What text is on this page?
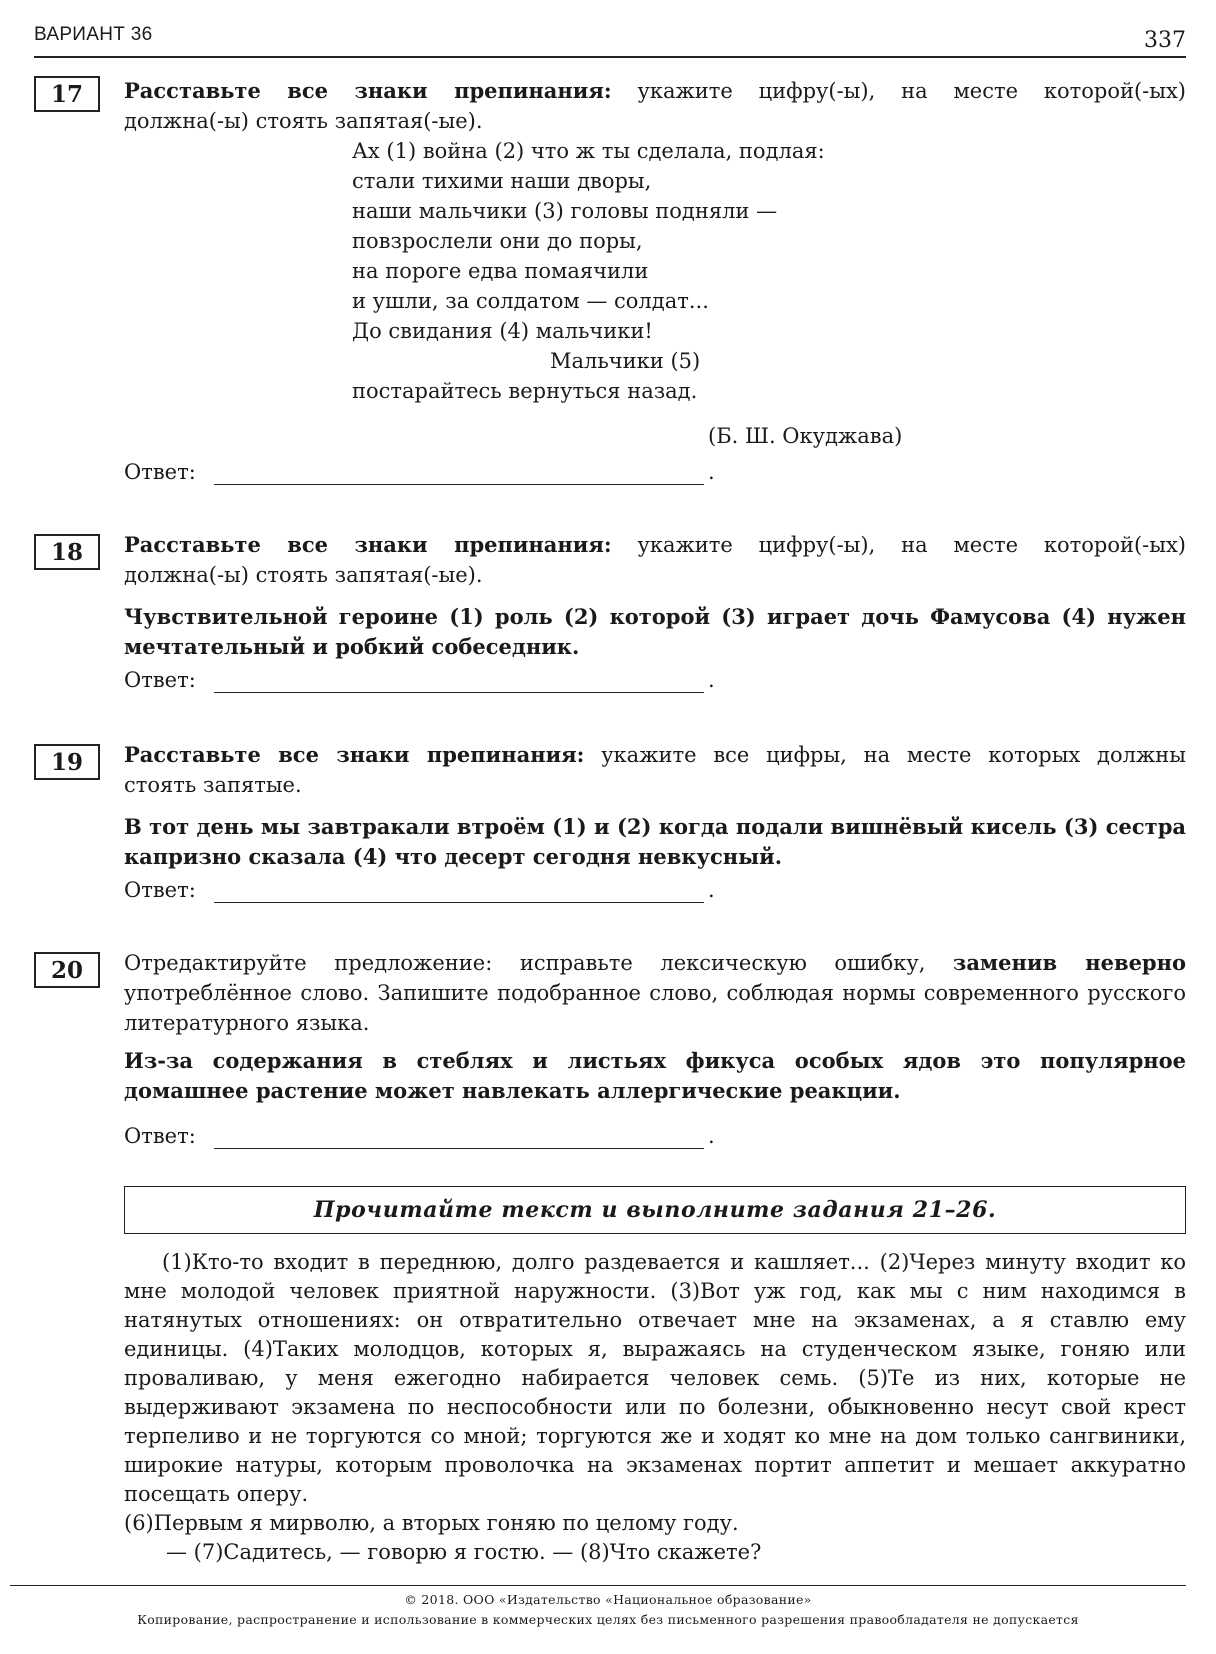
ВАРИАНТ 36	337
17	Расставьте все знаки препинания: укажите цифру(-ы), на месте которой(-ых)
должна(-ы) стоять запятая(-ые).
Ах (1) война (2) что ж ты сделала, подлая:
стали тихими наши дворы,
наши мальчики (3) головы подняли —
повзрослели они до поры,
на пороге едва помаячили
и ушли, за солдатом — солдат...
До свидания (4) мальчики!
Мальчики (5)
постарайтесь вернуться назад.
(Б. Ш. Окуджава)
Ответ:	.
18	Расставьте все знаки препинания: укажите цифру(-ы), на месте которой(-ых)
должна(-ы) стоять запятая(-ые).
Чувствительной героине (1) роль (2) которой (3) играет дочь Фамусова (4) нужен мечтательный и робкий собеседник.
Ответ:	.
19	Расставьте все знаки препинания: укажите все цифры, на месте которых должны
стоять запятые.
В тот день мы завтракали втроём (1) и (2) когда подали вишнёвый кисель (3) сестра капризно сказала (4) что десерт сегодня невкусный.
Ответ:	.
20	Отредактируйте предложение: исправьте лексическую ошибку, заменив неверно употреблённое слово. Запишите подобранное слово, соблюдая нормы современного русского литературного языка.
Из-за содержания в стеблях и листьях фикуса особых ядов это популярное домашнее растение может навлекать аллергические реакции.
Ответ:	.
Прочитайте текст и выполните задания 21–26.
(1)Кто-то входит в переднюю, долго раздевается и кашляет... (2)Через минуту входит ко мне молодой человек приятной наружности. (3)Вот уж год, как мы с ним находимся в натянутых отношениях: он отвратительно отвечает мне на экзаменах, а я ставлю ему единицы. (4)Таких молодцов, которых я, выражаясь на студенческом языке, гоняю или проваливаю, у меня ежегодно набирается человек семь. (5)Те из них, которые не выдерживают экзамена по неспособности или по болезни, обыкновенно несут свой крест терпеливо и не торгуются со мной; торгуются же и ходят ко мне на дом только сангвиники, широкие натуры, которым проволочка на экзаменах портит аппетит и мешает аккуратно посещать оперу.
(6)Первым я мирволю, а вторых гоняю по целому году.
— (7)Садитесь, — говорю я гостю. — (8)Что скажете?
© 2018. ООО «Издательство «Национальное образование»
Копирование, распространение и использование в коммерческих целях без письменного разрешения правообладателя не допускается
